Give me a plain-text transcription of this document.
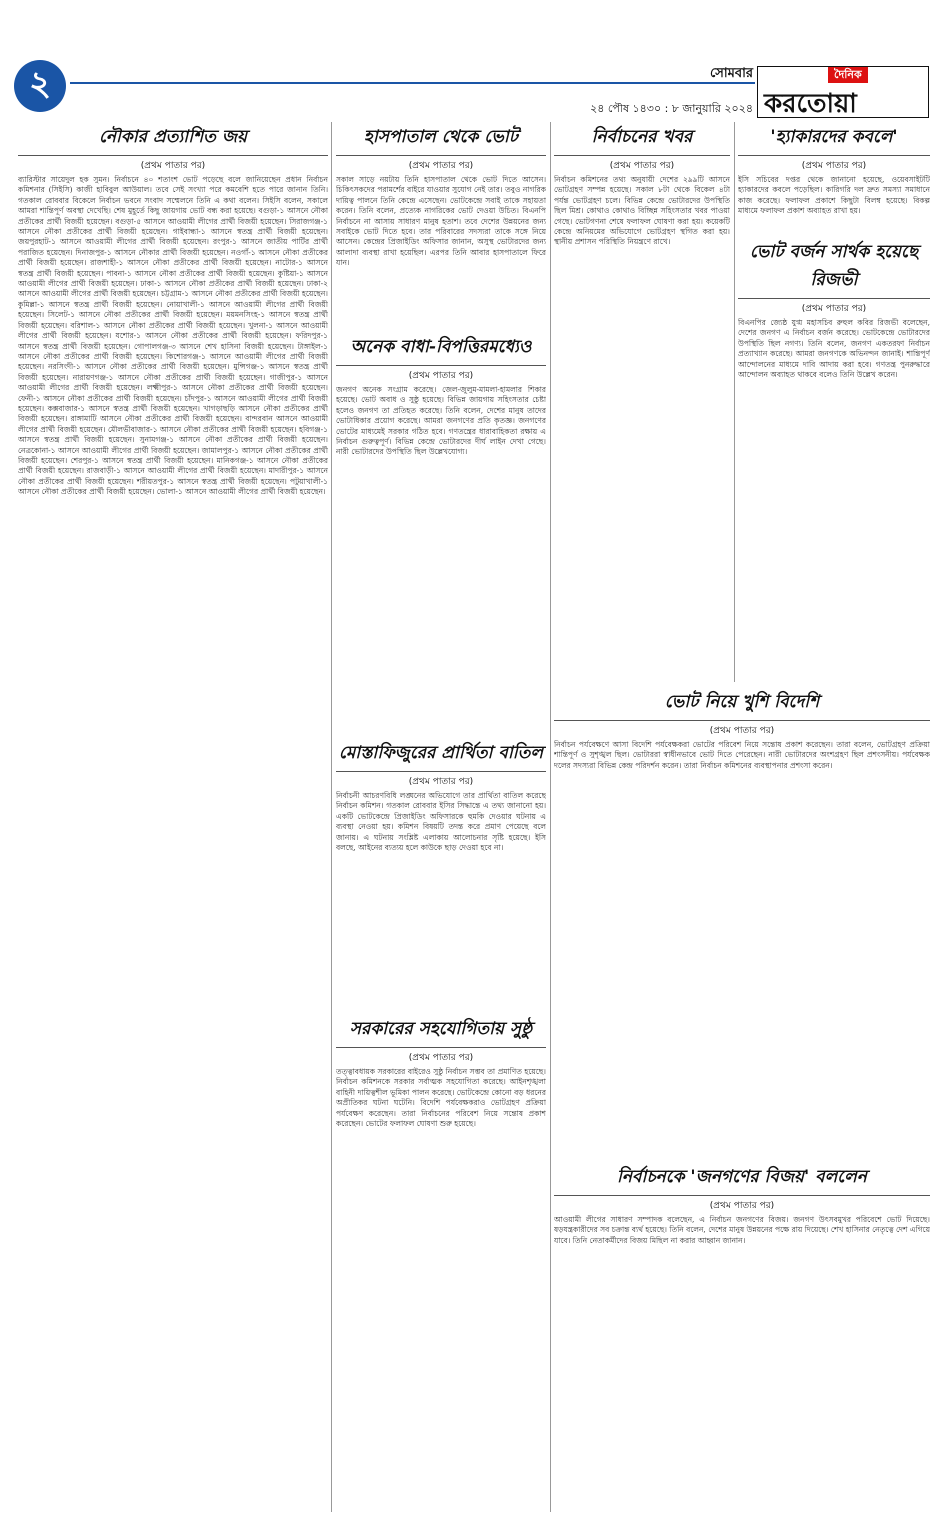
২	সোমবার
২৪ পৌষ ১৪৩০ : ৮ জানুয়ারি ২০২৪
দৈনিক
করতোয়া
নৌকার প্রত্যাশিত জয়
(প্রথম পাতার পর)

ব্যারিস্টার সায়েদুল হক সুমন। নির্বাচনে ৪০ শতাংশ ভোট পড়েছে বলে জানিয়েছেন প্রধান নির্বাচন কমিশনার (সিইসি) কাজী হাবিবুল আউয়াল। তবে সেই সংখ্যা পরে কমবেশি হতে পারে জানান তিনি। গতকাল রোববার বিকেলে নির্বাচন ভবনে সংবাদ সম্মেলনে তিনি এ কথা বলেন। সিইসি বলেন, সকালে আমরা শান্তিপূর্ণ অবস্থা দেখেছি। শেষ মুহূর্তে কিছু জায়গায় ভোট বন্ধ করা হয়েছে। বগুড়া-১ আসনে নৌকা প্রতীকের প্রার্থী বিজয়ী হয়েছেন। বগুড়া-৫ আসনে আওয়ামী লীগের প্রার্থী বিজয়ী হয়েছেন। সিরাজগঞ্জ-১ আসনে নৌকা প্রতীকের প্রার্থী বিজয়ী হয়েছেন। গাইবান্ধা-১ আসনে স্বতন্ত্র প্রার্থী বিজয়ী হয়েছেন। জয়পুরহাট-১ আসনে আওয়ামী লীগের প্রার্থী বিজয়ী হয়েছেন। রংপুর-১ আসনে জাতীয় পার্টির প্রার্থী পরাজিত হয়েছেন। দিনাজপুর-১ আসনে নৌকার প্রার্থী বিজয়ী হয়েছেন। নওগাঁ-১ আসনে নৌকা প্রতীকের প্রার্থী বিজয়ী হয়েছেন। রাজশাহী-১ আসনে নৌকা প্রতীকের প্রার্থী বিজয়ী হয়েছেন। নাটোর-১ আসনে স্বতন্ত্র প্রার্থী বিজয়ী হয়েছেন। পাবনা-১ আসনে নৌকা প্রতীকের প্রার্থী বিজয়ী হয়েছেন। কুষ্টিয়া-১ আসনে আওয়ামী লীগের প্রার্থী বিজয়ী হয়েছেন। ঢাকা-১ আসনে নৌকা প্রতীকের প্রার্থী বিজয়ী হয়েছেন। ঢাকা-২ আসনে আওয়ামী লীগের প্রার্থী বিজয়ী হয়েছেন। চট্টগ্রাম-১ আসনে নৌকা প্রতীকের প্রার্থী বিজয়ী হয়েছেন। কুমিল্লা-১ আসনে স্বতন্ত্র প্রার্থী বিজয়ী হয়েছেন। নোয়াখালী-১ আসনে আওয়ামী লীগের প্রার্থী বিজয়ী হয়েছেন। সিলেট-১ আসনে নৌকা প্রতীকের প্রার্থী বিজয়ী হয়েছেন। ময়মনসিংহ-১ আসনে স্বতন্ত্র প্রার্থী বিজয়ী হয়েছেন। বরিশাল-১ আসনে নৌকা প্রতীকের প্রার্থী বিজয়ী হয়েছেন। খুলনা-১ আসনে আওয়ামী লীগের প্রার্থী বিজয়ী হয়েছেন। যশোর-১ আসনে নৌকা প্রতীকের প্রার্থী বিজয়ী হয়েছেন। ফরিদপুর-১ আসনে স্বতন্ত্র প্রার্থী বিজয়ী হয়েছেন। গোপালগঞ্জ-৩ আসনে শেখ হাসিনা বিজয়ী হয়েছেন। টাঙ্গাইল-১ আসনে নৌকা প্রতীকের প্রার্থী বিজয়ী হয়েছেন। কিশোরগঞ্জ-১ আসনে আওয়ামী লীগের প্রার্থী বিজয়ী হয়েছেন। নরসিংদী-১ আসনে নৌকা প্রতীকের প্রার্থী বিজয়ী হয়েছেন। মুন্সিগঞ্জ-১ আসনে স্বতন্ত্র প্রার্থী বিজয়ী হয়েছেন। নারায়ণগঞ্জ-১ আসনে নৌকা প্রতীকের প্রার্থী বিজয়ী হয়েছেন। গাজীপুর-১ আসনে আওয়ামী লীগের প্রার্থী বিজয়ী হয়েছেন। লক্ষ্মীপুর-১ আসনে নৌকা প্রতীকের প্রার্থী বিজয়ী হয়েছেন। ফেনী-১ আসনে নৌকা প্রতীকের প্রার্থী বিজয়ী হয়েছেন। চাঁদপুর-১ আসনে আওয়ামী লীগের প্রার্থী বিজয়ী হয়েছেন। কক্সবাজার-১ আসনে স্বতন্ত্র প্রার্থী বিজয়ী হয়েছেন। খাগড়াছড়ি আসনে নৌকা প্রতীকের প্রার্থী বিজয়ী হয়েছেন। রাঙ্গামাটি আসনে নৌকা প্রতীকের প্রার্থী বিজয়ী হয়েছেন। বান্দরবান আসনে আওয়ামী লীগের প্রার্থী বিজয়ী হয়েছেন। মৌলভীবাজার-১ আসনে নৌকা প্রতীকের প্রার্থী বিজয়ী হয়েছেন। হবিগঞ্জ-১ আসনে স্বতন্ত্র প্রার্থী বিজয়ী হয়েছেন। সুনামগঞ্জ-১ আসনে নৌকা প্রতীকের প্রার্থী বিজয়ী হয়েছেন। নেত্রকোনা-১ আসনে আওয়ামী লীগের প্রার্থী বিজয়ী হয়েছেন। জামালপুর-১ আসনে নৌকা প্রতীকের প্রার্থী বিজয়ী হয়েছেন। শেরপুর-১ আসনে স্বতন্ত্র প্রার্থী বিজয়ী হয়েছেন। মানিকগঞ্জ-১ আসনে নৌকা প্রতীকের প্রার্থী বিজয়ী হয়েছেন। রাজবাড়ী-১ আসনে আওয়ামী লীগের প্রার্থী বিজয়ী হয়েছেন। মাদারীপুর-১ আসনে নৌকা প্রতীকের প্রার্থী বিজয়ী হয়েছেন। শরীয়তপুর-১ আসনে স্বতন্ত্র প্রার্থী বিজয়ী হয়েছেন। পটুয়াখালী-১ আসনে নৌকা প্রতীকের প্রার্থী বিজয়ী হয়েছেন। ভোলা-১ আসনে আওয়ামী লীগের প্রার্থী বিজয়ী হয়েছেন।

হাসপাতাল থেকে ভোট
(প্রথম পাতার পর)

সকাল সাড়ে নয়টায় তিনি হাসপাতাল থেকে ভোট দিতে আসেন। চিকিৎসকদের পরামর্শের বাইরে যাওয়ার সুযোগ নেই তার। তবুও নাগরিক দায়িত্ব পালনে তিনি কেন্দ্রে এসেছেন। ভোটকেন্দ্রে সবাই তাকে সহায়তা করেন। তিনি বলেন, প্রত্যেক নাগরিকের ভোট দেওয়া উচিত। বিএনপি নির্বাচনে না আসায় সাধারণ মানুষ হতাশ। তবে দেশের উন্নয়নের জন্য সবাইকে ভোট দিতে হবে। তার পরিবারের সদস্যরা তাকে সঙ্গে নিয়ে আসেন। কেন্দ্রের প্রিজাইডিং অফিসার জানান, অসুস্থ ভোটারদের জন্য আলাদা ব্যবস্থা রাখা হয়েছিল। এরপর তিনি আবার হাসপাতালে ফিরে যান।

অনেক বাধা-বিপত্তিরমধ্যেও
(প্রথম পাতার পর)

জনগণ অনেক সংগ্রাম করেছে। জেল-জুলুম-মামলা-হামলার শিকার হয়েছে। ভোট অবাধ ও সুষ্ঠু হয়েছে। বিভিন্ন জায়গায় সহিংসতার চেষ্টা হলেও জনগণ তা প্রতিহত করেছে। তিনি বলেন, দেশের মানুষ তাদের ভোটাধিকার প্রয়োগ করেছে। আমরা জনগণের প্রতি কৃতজ্ঞ। জনগণের ভোটের মাধ্যমেই সরকার গঠিত হবে। গণতন্ত্রের ধারাবাহিকতা রক্ষায় এ নির্বাচন গুরুত্বপূর্ণ। বিভিন্ন কেন্দ্রে ভোটারদের দীর্ঘ লাইন দেখা গেছে। নারী ভোটারদের উপস্থিতি ছিল উল্লেখযোগ্য।

মোস্তাফিজুরের প্রার্থিতা বাতিল
(প্রথম পাতার পর)

নির্বাচনী আচরণবিধি লঙ্ঘনের অভিযোগে তার প্রার্থিতা বাতিল করেছে নির্বাচন কমিশন। গতকাল রোববার ইসির সিদ্ধান্তে এ তথ্য জানানো হয়। একটি ভোটকেন্দ্রে প্রিজাইডিং অফিসারকে হুমকি দেওয়ার ঘটনায় এ ব্যবস্থা নেওয়া হয়। কমিশন বিষয়টি তদন্ত করে প্রমাণ পেয়েছে বলে জানায়। এ ঘটনায় সংশ্লিষ্ট এলাকায় আলোচনার সৃষ্টি হয়েছে। ইসি বলছে, আইনের ব্যত্যয় হলে কাউকে ছাড় দেওয়া হবে না।

সরকারের সহযোগিতায় সুষ্ঠু
(প্রথম পাতার পর)

তত্ত্বাবধায়ক সরকারের বাইরেও সুষ্ঠু নির্বাচন সম্ভব তা প্রমাণিত হয়েছে। নির্বাচন কমিশনকে সরকার সর্বাত্মক সহযোগিতা করেছে। আইনশৃঙ্খলা বাহিনী দায়িত্বশীল ভূমিকা পালন করেছে। ভোটকেন্দ্রে কোনো বড় ধরনের অপ্রীতিকর ঘটনা ঘটেনি। বিদেশি পর্যবেক্ষকরাও ভোটগ্রহণ প্রক্রিয়া পর্যবেক্ষণ করেছেন। তারা নির্বাচনের পরিবেশ নিয়ে সন্তোষ প্রকাশ করেছেন। ভোটের ফলাফল ঘোষণা শুরু হয়েছে।

নির্বাচনের খবর
(প্রথম পাতার পর)

নির্বাচন কমিশনের তথ্য অনুযায়ী দেশের ২৯৯টি আসনে ভোটগ্রহণ সম্পন্ন হয়েছে। সকাল ৮টা থেকে বিকেল ৪টা পর্যন্ত ভোটগ্রহণ চলে। বিভিন্ন কেন্দ্রে ভোটারদের উপস্থিতি ছিল মিশ্র। কোথাও কোথাও বিচ্ছিন্ন সহিংসতার খবর পাওয়া গেছে। ভোটগণনা শেষে ফলাফল ঘোষণা করা হয়। কয়েকটি কেন্দ্রে অনিয়মের অভিযোগে ভোটগ্রহণ স্থগিত করা হয়। স্থানীয় প্রশাসন পরিস্থিতি নিয়ন্ত্রণে রাখে।

'হ্যাকারদের কবলে'
(প্রথম পাতার পর)

ইসি সচিবের দপ্তর থেকে জানানো হয়েছে, ওয়েবসাইটটি হ্যাকারদের কবলে পড়েছিল। কারিগরি দল দ্রুত সমস্যা সমাধানে কাজ করেছে। ফলাফল প্রকাশে কিছুটা বিলম্ব হয়েছে। বিকল্প মাধ্যমে ফলাফল প্রকাশ অব্যাহত রাখা হয়।

ভোট বর্জন সার্থক হয়েছে রিজভী
(প্রথম পাতার পর)

বিএনপির জ্যেষ্ঠ যুগ্ম মহাসচিব রুহুল কবির রিজভী বলেছেন, দেশের জনগণ এ নির্বাচন বর্জন করেছে। ভোটকেন্দ্রে ভোটারদের উপস্থিতি ছিল নগণ্য। তিনি বলেন, জনগণ একতরফা নির্বাচন প্রত্যাখ্যান করেছে। আমরা জনগণকে অভিনন্দন জানাই। শান্তিপূর্ণ আন্দোলনের মাধ্যমে দাবি আদায় করা হবে। গণতন্ত্র পুনরুদ্ধারে আন্দোলন অব্যাহত থাকবে বলেও তিনি উল্লেখ করেন।

ভোট নিয়ে খুশি বিদেশি
(প্রথম পাতার পর)

নির্বাচন পর্যবেক্ষণে আসা বিদেশি পর্যবেক্ষকরা ভোটের পরিবেশ নিয়ে সন্তোষ প্রকাশ করেছেন। তারা বলেন, ভোটগ্রহণ প্রক্রিয়া শান্তিপূর্ণ ও সুশৃঙ্খল ছিল। ভোটাররা স্বাধীনভাবে ভোট দিতে পেরেছেন। নারী ভোটারদের অংশগ্রহণ ছিল প্রশংসনীয়। পর্যবেক্ষক দলের সদস্যরা বিভিন্ন কেন্দ্র পরিদর্শন করেন। তারা নির্বাচন কমিশনের ব্যবস্থাপনার প্রশংসা করেন।

নির্বাচনকে 'জনগণের বিজয়' বললেন
(প্রথম পাতার পর)

আওয়ামী লীগের সাধারণ সম্পাদক বলেছেন, এ নির্বাচন জনগণের বিজয়। জনগণ উৎসবমুখর পরিবেশে ভোট দিয়েছে। ষড়যন্ত্রকারীদের সব চক্রান্ত ব্যর্থ হয়েছে। তিনি বলেন, দেশের মানুষ উন্নয়নের পক্ষে রায় দিয়েছে। শেখ হাসিনার নেতৃত্বে দেশ এগিয়ে যাবে। তিনি নেতাকর্মীদের বিজয় মিছিল না করার আহ্বান জানান।
